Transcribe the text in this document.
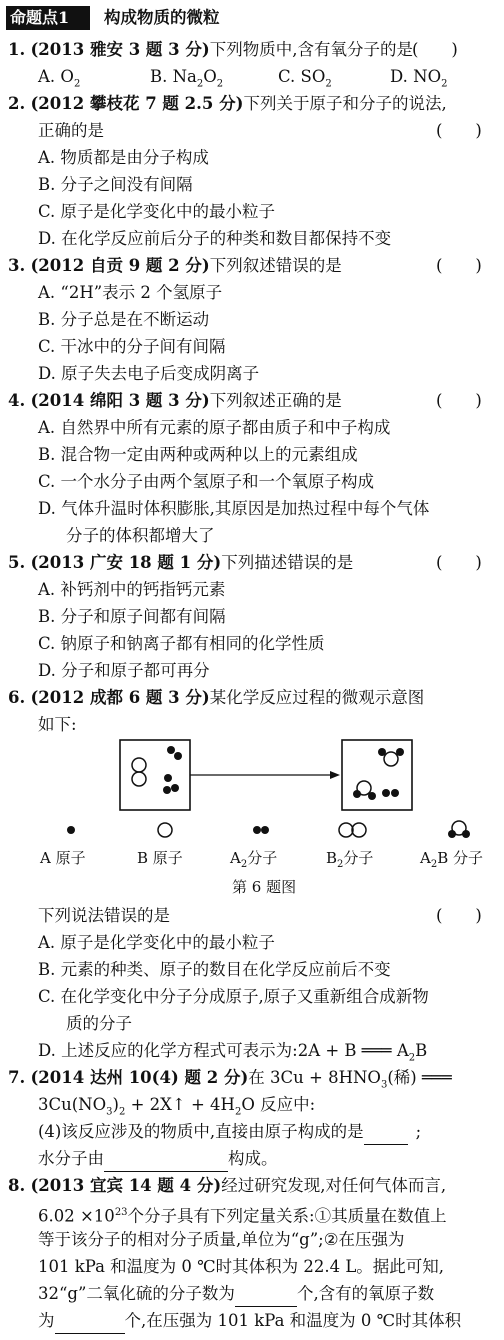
命题点1	构成物质的微粒
1. (2013 雅安 3 题 3 分)下列物质中,含有氧分子的是 (　　)
A. $O_2$	B. $Na_2O_2$	C. $SO_2$	D. $NO_2$
2. (2012 攀枝花 7 题 2.5 分)下列关于原子和分子的说法,
正确的是	(　　)
A. 物质都是由分子构成
B. 分子之间没有间隔
C. 原子是化学变化中的最小粒子
D. 在化学反应前后分子的种类和数目都保持不变
3. (2012 自贡 9 题 2 分)下列叙述错误的是	(　　)
A. “2H”表示 2 个氢原子
B. 分子总是在不断运动
C. 干冰中的分子间有间隔
D. 原子失去电子后变成阴离子
4. (2014 绵阳 3 题 3 分)下列叙述正确的是	(　　)
A. 自然界中所有元素的原子都由质子和中子构成
B. 混合物一定由两种或两种以上的元素组成
C. 一个水分子由两个氢原子和一个氧原子构成
D. 气体升温时体积膨胀,其原因是加热过程中每个气体
分子的体积都增大了
5. (2013 广安 18 题 1 分)下列描述错误的是	(　　)
A. 补钙剂中的钙指钙元素
B. 分子和原子间都有间隔
C. 钠原子和钠离子都有相同的化学性质
D. 分子和原子都可再分
6. (2012 成都 6 题 3 分)某化学反应过程的微观示意图
如下:
A 原子	B 原子	$A_2$分子	$B_2$分子	$A_2B$ 分子
第 6 题图
下列说法错误的是	(　　)
A. 原子是化学变化中的最小粒子
B. 元素的种类、原子的数目在化学反应前后不变
C. 在化学变化中分子分成原子,原子又重新组合成新物
质的分子
D. 上述反应的化学方程式可表示为:2A + B ═══ $A_2B$
7. (2014 达州 10(4) 题 2 分)在 $3Cu + 8HNO_3$(稀) ═══
$3Cu(NO_3)_2$ + 2X↑ + $4H_2O$ 反应中:
(4)该反应涉及的物质中,直接由原子构成的是	;
水分子由	构成。
8. (2013 宜宾 14 题 4 分)经过研究发现,对任何气体而言,
$6.02 \times 10^{23}$个分子具有下列定量关系:①其质量在数值上
等于该分子的相对分子质量,单位为“g”;②在压强为
101 kPa 和温度为 0 ℃时其体积为 22.4 L。据此可知,
32“g”二氧化硫的分子数为	个,含有的氧原子数
为	个,在压强为 101 kPa 和温度为 0 ℃时其体积
